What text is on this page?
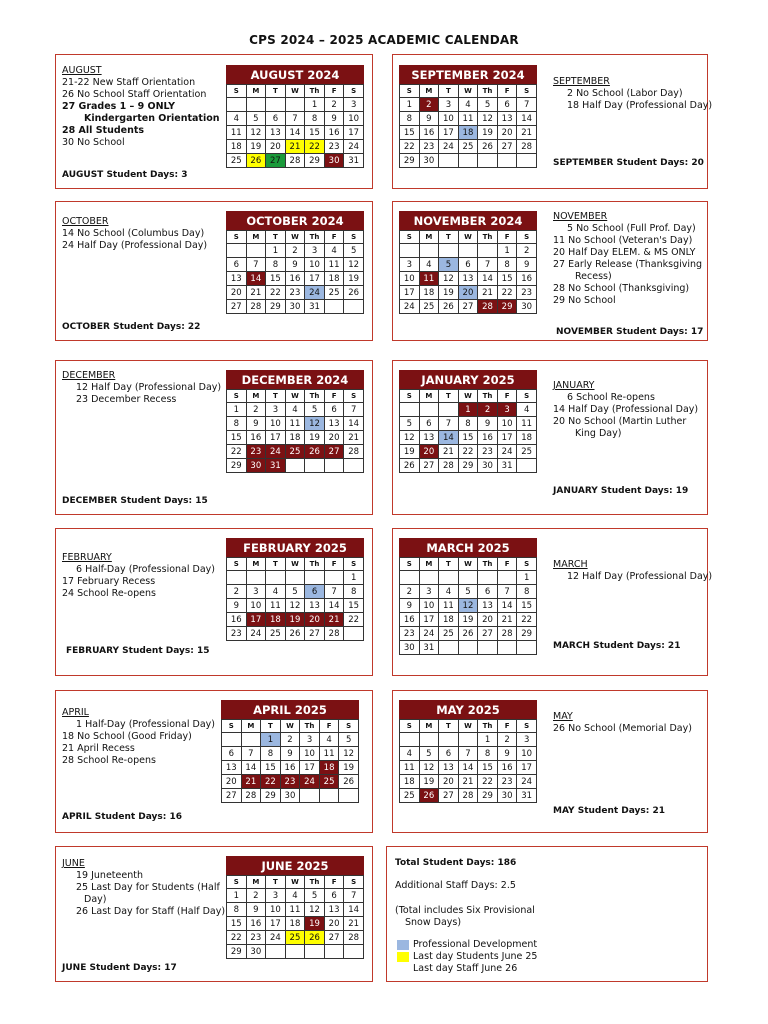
CPS 2024 – 2025 ACADEMIC CALENDAR
AUGUST
21-22 New Staff Orientation
26 No School Staff Orientation
27 Grades 1 – 9 ONLY
Kindergarten Orientation
28 All Students
30 No School
AUGUST Student Days: 3
AUGUST 2024
S	M	T	W	Th	F	S
				1	2	3
4	5	6	7	8	9	10
11	12	13	14	15	16	17
18	19	20	21	22	23	24
25	26	27	28	29	30	31
SEPTEMBER
2 No School (Labor Day)
18 Half Day (Professional Day)
SEPTEMBER Student Days: 20
SEPTEMBER 2024
S	M	T	W	Th	F	S
1	2	3	4	5	6	7
8	9	10	11	12	13	14
15	16	17	18	19	20	21
22	23	24	25	26	27	28
29	30					
OCTOBER
14 No School (Columbus Day)
24 Half Day (Professional Day)
OCTOBER Student Days: 22
OCTOBER 2024
S	M	T	W	Th	F	S
		1	2	3	4	5
6	7	8	9	10	11	12
13	14	15	16	17	18	19
20	21	22	23	24	25	26
27	28	29	30	31		
NOVEMBER
5 No School (Full Prof. Day)
11 No School (Veteran's Day)
20 Half Day ELEM. & MS ONLY
27 Early Release (Thanksgiving
Recess)
28 No School (Thanksgiving)
29 No School
NOVEMBER Student Days: 17
NOVEMBER 2024
S	M	T	W	Th	F	S
					1	2
3	4	5	6	7	8	9
10	11	12	13	14	15	16
17	18	19	20	21	22	23
24	25	26	27	28	29	30
DECEMBER
12 Half Day (Professional Day)
23 December Recess
DECEMBER Student Days: 15
DECEMBER 2024
S	M	T	W	Th	F	S
1	2	3	4	5	6	7
8	9	10	11	12	13	14
15	16	17	18	19	20	21
22	23	24	25	26	27	28
29	30	31				
JANUARY
6 School Re-opens
14 Half Day (Professional Day)
20 No School (Martin Luther
King Day)
JANUARY Student Days: 19
JANUARY 2025
S	M	T	W	Th	F	S
			1	2	3	4
5	6	7	8	9	10	11
12	13	14	15	16	17	18
19	20	21	22	23	24	25
26	27	28	29	30	31	
FEBRUARY
6 Half-Day (Professional Day)
17 February Recess
24 School Re-opens
FEBRUARY Student Days: 15
FEBRUARY 2025
S	M	T	W	Th	F	S
						1
2	3	4	5	6	7	8
9	10	11	12	13	14	15
16	17	18	19	20	21	22
23	24	25	26	27	28	
MARCH
12 Half Day (Professional Day)
MARCH Student Days: 21
MARCH 2025
S	M	T	W	Th	F	S
						1
2	3	4	5	6	7	8
9	10	11	12	13	14	15
16	17	18	19	20	21	22
23	24	25	26	27	28	29
30	31					
APRIL
1 Half-Day (Professional Day)
18 No School (Good Friday)
21 April Recess
28 School Re-opens
APRIL Student Days: 16
APRIL 2025
S	M	T	W	Th	F	S
		1	2	3	4	5
6	7	8	9	10	11	12
13	14	15	16	17	18	19
20	21	22	23	24	25	26
27	28	29	30			
MAY
26 No School (Memorial Day)
MAY Student Days: 21
MAY 2025
S	M	T	W	Th	F	S
				1	2	3
4	5	6	7	8	9	10
11	12	13	14	15	16	17
18	19	20	21	22	23	24
25	26	27	28	29	30	31
JUNE
19 Juneteenth
25 Last Day for Students (Half
Day)
26 Last Day for Staff (Half Day)
JUNE Student Days: 17
JUNE 2025
S	M	T	W	Th	F	S
1	2	3	4	5	6	7
8	9	10	11	12	13	14
15	16	17	18	19	20	21
22	23	24	25	26	27	28
29	30					
Total Student Days: 186
Additional Staff Days: 2.5
(Total includes Six Provisional
Snow Days)
Professional Development
Last day Students June 25
Last day Staff June 26
